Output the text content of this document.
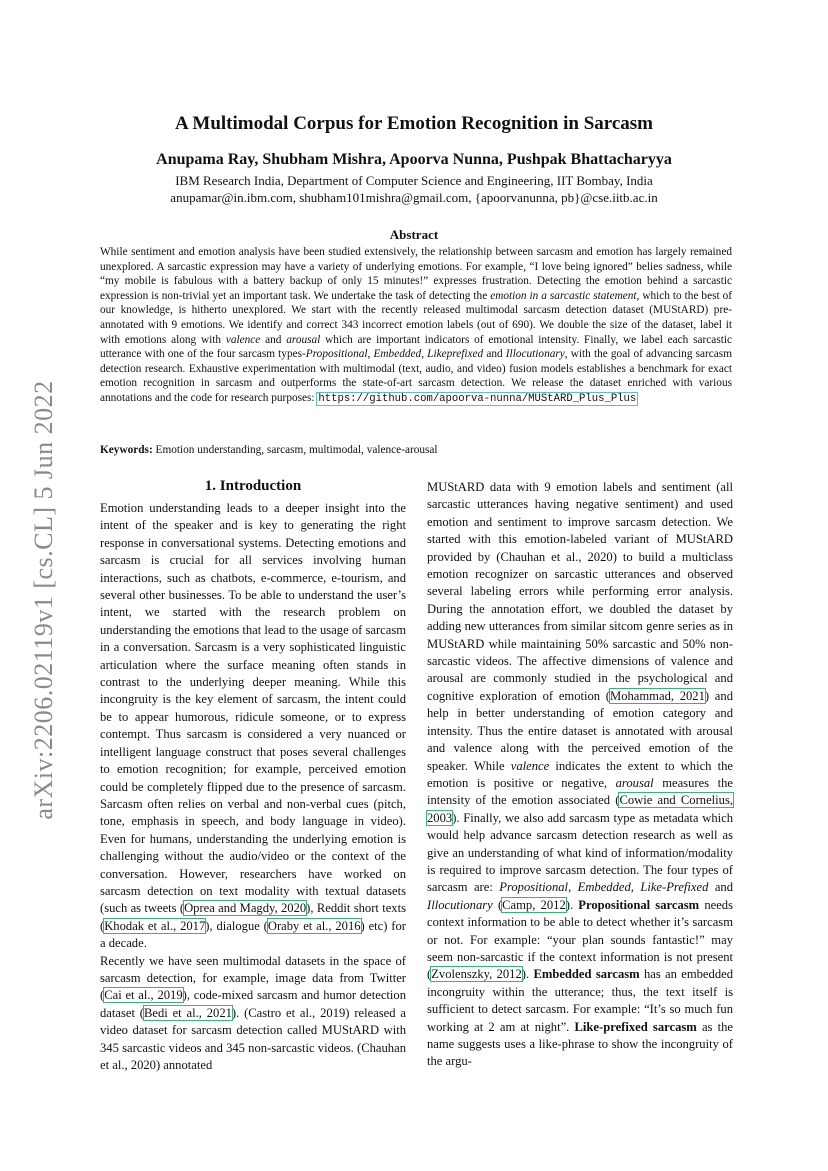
arXiv:2206.02119v1 [cs.CL] 5 Jun 2022
A Multimodal Corpus for Emotion Recognition in Sarcasm
Anupama Ray, Shubham Mishra, Apoorva Nunna, Pushpak Bhattacharyya
IBM Research India, Department of Computer Science and Engineering, IIT Bombay, India
anupamar@in.ibm.com, shubham101mishra@gmail.com, {apoorvanunna, pb}@cse.iitb.ac.in
Abstract
While sentiment and emotion analysis have been studied extensively, the relationship between sarcasm and emotion has largely remained unexplored. A sarcastic expression may have a variety of underlying emotions. For example, “I love being ignored” belies sadness, while “my mobile is fabulous with a battery backup of only 15 minutes!” expresses frustration. Detecting the emotion behind a sarcastic expression is non-trivial yet an important task. We undertake the task of detecting the emotion in a sarcastic statement, which to the best of our knowledge, is hitherto unexplored. We start with the recently released multimodal sarcasm detection dataset (MUStARD) pre-annotated with 9 emotions. We identify and correct 343 incorrect emotion labels (out of 690). We double the size of the dataset, label it with emotions along with valence and arousal which are important indicators of emotional intensity. Finally, we label each sarcastic utterance with one of the four sarcasm types-Propositional, Embedded, Likeprefixed and Illocutionary, with the goal of advancing sarcasm detection research. Exhaustive experimentation with multimodal (text, audio, and video) fusion models establishes a benchmark for exact emotion recognition in sarcasm and outperforms the state-of-art sarcasm detection. We release the dataset enriched with various annotations and the code for research purposes: https://github.com/apoorva-nunna/MUStARD_Plus_Plus
Keywords: Emotion understanding, sarcasm, multimodal, valence-arousal
1. Introduction

Emotion understanding leads to a deeper insight into the intent of the speaker and is key to generating the right response in conversational systems. Detecting emotions and sarcasm is crucial for all services involving human interactions, such as chatbots, e-commerce, e-tourism, and several other businesses. To be able to understand the user’s intent, we started with the research problem on understanding the emotions that lead to the usage of sarcasm in a conversation. Sarcasm is a very sophisticated linguistic articulation where the surface meaning often stands in contrast to the underlying deeper meaning. While this incongruity is the key element of sarcasm, the intent could be to appear humorous, ridicule someone, or to express contempt. Thus sarcasm is considered a very nuanced or intelligent language construct that poses several challenges to emotion recognition; for example, perceived emotion could be completely flipped due to the presence of sarcasm. Sarcasm often relies on verbal and non-verbal cues (pitch, tone, emphasis in speech, and body language in video). Even for humans, understanding the underlying emotion is challenging without the audio/video or the context of the conversation. However, researchers have worked on sarcasm detection on text modality with textual datasets (such as tweets (Oprea and Magdy, 2020), Reddit short texts (Khodak et al., 2017), dialogue (Oraby et al., 2016) etc) for a decade.

Recently we have seen multimodal datasets in the space of sarcasm detection, for example, image data from Twitter (Cai et al., 2019), code-mixed sarcasm and humor detection dataset (Bedi et al., 2021). (Castro et al., 2019) released a video dataset for sarcasm detection called MUStARD with 345 sarcastic videos and 345 non-sarcastic videos. (Chauhan et al., 2020) annotated

MUStARD data with 9 emotion labels and sentiment (all sarcastic utterances having negative sentiment) and used emotion and sentiment to improve sarcasm detection. We started with this emotion-labeled variant of MUStARD provided by (Chauhan et al., 2020) to build a multiclass emotion recognizer on sarcastic utterances and observed several labeling errors while performing error analysis. During the annotation effort, we doubled the dataset by adding new utterances from similar sitcom genre series as in MUStARD while maintaining 50% sarcastic and 50% non-sarcastic videos. The affective dimensions of valence and arousal are commonly studied in the psychological and cognitive exploration of emotion (Mohammad, 2021) and help in better understanding of emotion category and intensity. Thus the entire dataset is annotated with arousal and valence along with the perceived emotion of the speaker. While valence indicates the extent to which the emotion is positive or negative, arousal measures the intensity of the emotion associated (Cowie and Cornelius, 2003). Finally, we also add sarcasm type as metadata which would help advance sarcasm detection research as well as give an understanding of what kind of information/modality is required to improve sarcasm detection. The four types of sarcasm are: Propositional, Embedded, Like-Prefixed and Illocutionary (Camp, 2012). Propositional sarcasm needs context information to be able to detect whether it’s sarcasm or not. For example: “your plan sounds fantastic!” may seem non-sarcastic if the context information is not present (Zvolenszky, 2012). Embedded sarcasm has an embedded incongruity within the utterance; thus, the text itself is sufficient to detect sarcasm. For example: “It’s so much fun working at 2 am at night”. Like-prefixed sarcasm as the name suggests uses a like-phrase to show the incongruity of the argu-
